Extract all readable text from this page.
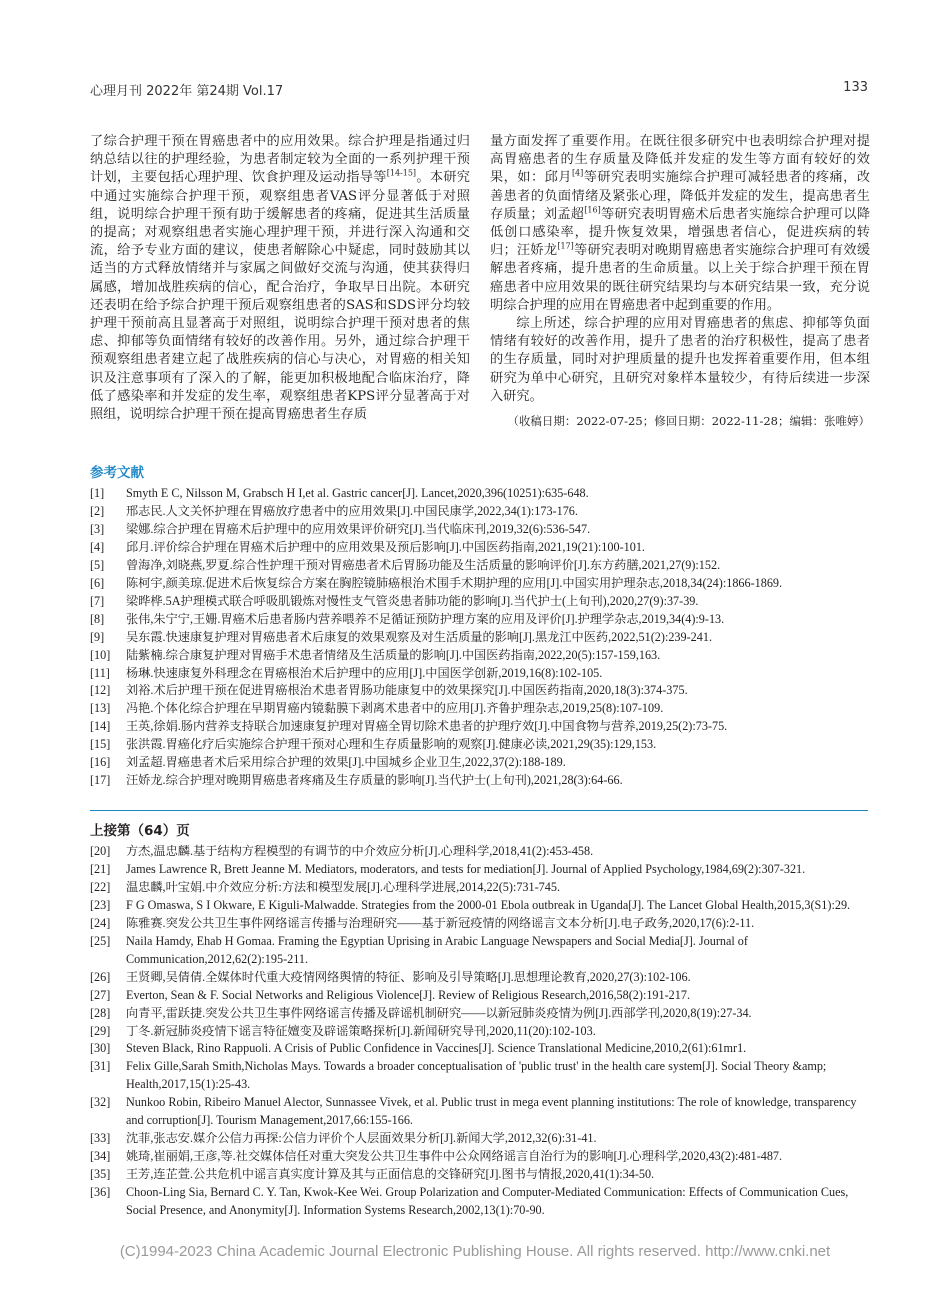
心理月刊 2022年 第24期 Vol.17	133

了综合护理干预在胃癌患者中的应用效果。综合护理是指通过归纳总结以往的护理经验，为患者制定较为全面的一系列护理干预计划，主要包括心理护理、饮食护理及运动指导等[14-15]。本研究中通过实施综合护理干预，观察组患者VAS评分显著低于对照组，说明综合护理干预有助于缓解患者的疼痛，促进其生活质量的提高；对观察组患者实施心理护理干预，并进行深入沟通和交流，给予专业方面的建议，使患者解除心中疑虑，同时鼓励其以适当的方式释放情绪并与家属之间做好交流与沟通，使其获得归属感，增加战胜疾病的信心，配合治疗，争取早日出院。本研究还表明在给予综合护理干预后观察组患者的SAS和SDS评分均较护理干预前高且显著高于对照组，说明综合护理干预对患者的焦虑、抑郁等负面情绪有较好的改善作用。另外，通过综合护理干预观察组患者建立起了战胜疾病的信心与决心，对胃癌的相关知识及注意事项有了深入的了解，能更加积极地配合临床治疗，降低了感染率和并发症的发生率，观察组患者KPS评分显著高于对照组，说明综合护理干预在提高胃癌患者生存质

量方面发挥了重要作用。在既往很多研究中也表明综合护理对提高胃癌患者的生存质量及降低并发症的发生等方面有较好的效果，如：邱月[4]等研究表明实施综合护理可减轻患者的疼痛，改善患者的负面情绪及紧张心理，降低并发症的发生，提高患者生存质量；刘孟超[16]等研究表明胃癌术后患者实施综合护理可以降低创口感染率，提升恢复效果，增强患者信心，促进疾病的转归；汪娇龙[17]等研究表明对晚期胃癌患者实施综合护理可有效缓解患者疼痛，提升患者的生命质量。以上关于综合护理干预在胃癌患者中应用效果的既往研究结果均与本研究结果一致，充分说明综合护理的应用在胃癌患者中起到重要的作用。

综上所述，综合护理的应用对胃癌患者的焦虑、抑郁等负面情绪有较好的改善作用，提升了患者的治疗积极性，提高了患者的生存质量，同时对护理质量的提升也发挥着重要作用，但本组研究为单中心研究，且研究对象样本量较少，有待后续进一步深入研究。

（收稿日期：2022-07-25；修回日期：2022-11-28；编辑：张唯婷）

参考文献
[1] Smyth E C, Nilsson M, Grabsch H I,et al. Gastric cancer[J]. Lancet,2020,396(10251):635-648.
[2] 邢志民.人文关怀护理在胃癌放疗患者中的应用效果[J].中国民康学,2022,34(1):173-176.
[3] 梁娜.综合护理在胃癌术后护理中的应用效果评价研究[J].当代临床刊,2019,32(6):536-547.
[4] 邱月.评价综合护理在胃癌术后护理中的应用效果及预后影响[J].中国医药指南,2021,19(21):100-101.
[5] 曾海净,刘晓燕,罗夏.综合性护理干预对胃癌患者术后胃肠功能及生活质量的影响评价[J].东方药膳,2021,27(9):152.
[6] 陈柯宇,颜美琼.促进术后恢复综合方案在胸腔镜肺癌根治术围手术期护理的应用[J].中国实用护理杂志,2018,34(24):1866-1869.
[7] 梁晔桦.5A护理模式联合呼吸肌锻炼对慢性支气管炎患者肺功能的影响[J].当代护士(上旬刊),2020,27(9):37-39.
[8] 张伟,朱宁宁,王姗.胃癌术后患者肠内营养喂养不足循证预防护理方案的应用及评价[J].护理学杂志,2019,34(4):9-13.
[9] 吴东霞.快速康复护理对胃癌患者术后康复的效果观察及对生活质量的影响[J].黑龙江中医药,2022,51(2):239-241.
[10] 陆紫楠.综合康复护理对胃癌手术患者情绪及生活质量的影响[J].中国医药指南,2022,20(5):157-159,163.
[11] 杨琳.快速康复外科理念在胃癌根治术后护理中的应用[J].中国医学创新,2019,16(8):102-105.
[12] 刘裕.术后护理干预在促进胃癌根治术患者胃肠功能康复中的效果探究[J].中国医药指南,2020,18(3):374-375.
[13] 冯艳.个体化综合护理在早期胃癌内镜黏膜下剥离术患者中的应用[J].齐鲁护理杂志,2019,25(8):107-109.
[14] 王英,徐娟.肠内营养支持联合加速康复护理对胃癌全胃切除术患者的护理疗效[J].中国食物与营养,2019,25(2):73-75.
[15] 张洪霞.胃癌化疗后实施综合护理干预对心理和生存质量影响的观察[J].健康必读,2021,29(35):129,153.
[16] 刘孟超.胃癌患者术后采用综合护理的效果[J].中国城乡企业卫生,2022,37(2):188-189.
[17] 汪娇龙.综合护理对晚期胃癌患者疼痛及生存质量的影响[J].当代护士(上旬刊),2021,28(3):64-66.
上接第（64）页
[20] 方杰,温忠麟.基于结构方程模型的有调节的中介效应分析[J].心理科学,2018,41(2):453-458.
[21] James Lawrence R, Brett Jeanne M. Mediators, moderators, and tests for mediation[J]. Journal of Applied Psychology,1984,69(2):307-321.
[22] 温忠麟,叶宝娟.中介效应分析:方法和模型发展[J].心理科学进展,2014,22(5):731-745.
[23] F G Omaswa, S I Okware, E Kiguli-Malwadde. Strategies from the 2000-01 Ebola outbreak in Uganda[J]. The Lancet Global Health,2015,3(S1):29.
[24] 陈雅赛.突发公共卫生事件网络谣言传播与治理研究——基于新冠疫情的网络谣言文本分析[J].电子政务,2020,17(6):2-11.
[25] Naila Hamdy, Ehab H Gomaa. Framing the Egyptian Uprising in Arabic Language Newspapers and Social Media[J]. Journal of Communication,2012,62(2):195-211.
[26] 王贤卿,吴倩倩.全媒体时代重大疫情网络舆情的特征、影响及引导策略[J].思想理论教育,2020,27(3):102-106.
[27] Everton, Sean & F. Social Networks and Religious Violence[J]. Review of Religious Research,2016,58(2):191-217.
[28] 向青平,雷跃捷.突发公共卫生事件网络谣言传播及辟谣机制研究——以新冠肺炎疫情为例[J].西部学刊,2020,8(19):27-34.
[29] 丁冬.新冠肺炎疫情下谣言特征嬗变及辟谣策略探析[J].新闻研究导刊,2020,11(20):102-103.
[30] Steven Black, Rino Rappuoli. A Crisis of Public Confidence in Vaccines[J]. Science Translational Medicine,2010,2(61):61mr1.
[31] Felix Gille,Sarah Smith,Nicholas Mays. Towards a broader conceptualisation of 'public trust' in the health care system[J]. Social Theory &amp; Health,2017,15(1):25-43.
[32] Nunkoo Robin, Ribeiro Manuel Alector, Sunnassee Vivek, et al. Public trust in mega event planning institutions: The role of knowledge, transparency and corruption[J]. Tourism Management,2017,66:155-166.
[33] 沈菲,张志安.媒介公信力再探:公信力评价个人层面效果分析[J].新闻大学,2012,32(6):31-41.
[34] 姚琦,崔丽娟,王彦,等.社交媒体信任对重大突发公共卫生事件中公众网络谣言自治行为的影响[J].心理科学,2020,43(2):481-487.
[35] 王芳,连芷萱.公共危机中谣言真实度计算及其与正面信息的交锋研究[J].图书与情报,2020,41(1):34-50.
[36] Choon-Ling Sia, Bernard C. Y. Tan, Kwok-Kee Wei. Group Polarization and Computer-Mediated Communication: Effects of Communication Cues, Social Presence, and Anonymity[J]. Information Systems Research,2002,13(1):70-90.
(C)1994-2023 China Academic Journal Electronic Publishing House. All rights reserved. http://www.cnki.net
